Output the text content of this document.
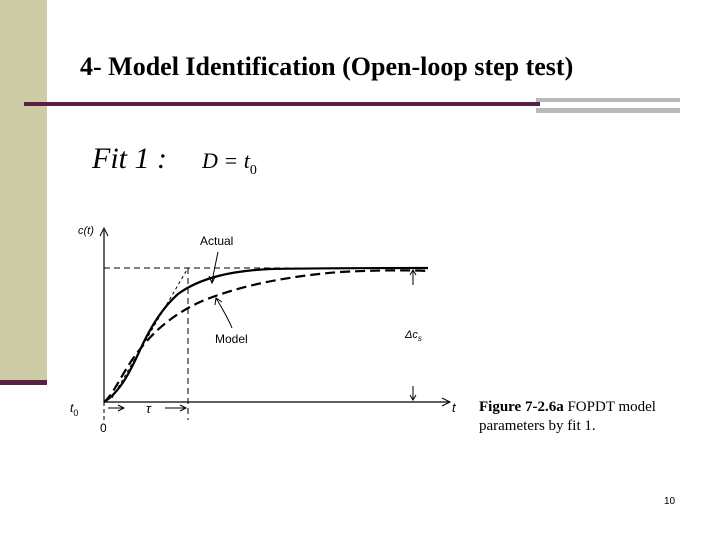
4- Model Identification (Open-loop step test)
Fit 1 : $D = t_0$
c(t)
t
Actual
Model	$\Delta c_s$
$t_0$
0
τ	Figure 7-2.6a FOPDT model parameters by fit 1.
10
